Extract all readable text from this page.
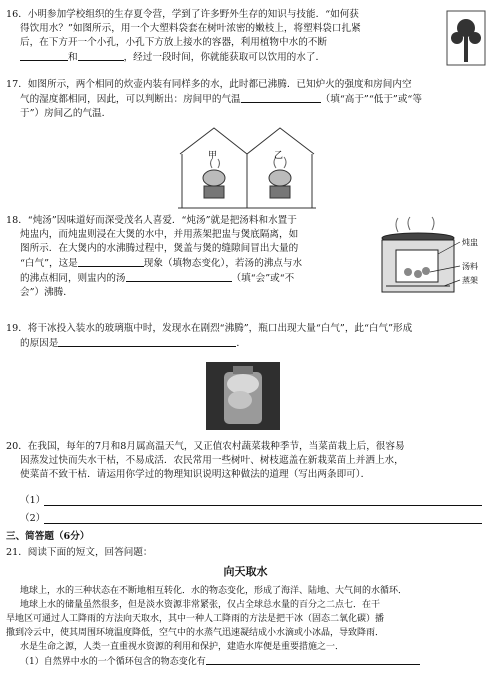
16．小明参加学校组织的生存夏令营，学到了许多野外生存的知识与技能．“如何获
得饮用水？”如图所示，用一个大塑料袋套在树叶浓密的嫩枝上，将塑料袋口扎紧
后，在下方开一个小孔，小孔下方放上接水的容器，利用植物中水的不断
和	，经过一段时间，你就能获取可以饮用的水了．
17．如图所示，两个相同的炊壶内装有同样多的水，此时都已沸腾．已知炉火的强度和房间内空
气的湿度都相同，因此，可以判断出：房间甲的气温	（填“高于”“低于”或“等
于”）房间乙的气温．
甲	乙
18．“炖汤”因味道好而深受茂名人喜爱．“炖汤”就是把汤料和水置于
炖盅内，而炖盅则浸在大煲的水中，并用蒸架把盅与煲底隔离，如
图所示．在大煲内的水沸腾过程中，煲盖与煲的缝隙间冒出大量的
“白气”，这是	现象（填物态变化），若汤的沸点与水
的沸点相同，则盅内的汤	（填“会”或“不
会”）沸腾．
炖盅
汤料
蒸架
19．将干冰投入装水的玻璃瓶中时，发现水在剧烈“沸腾”，瓶口出现大量“白气”，此“白气”形成
的原因是	．
20．在我国，每年的7月和8月属高温天气，又正值农村蔬菜栽种季节，当菜苗栽上后，很容易
因蒸发过快而失水干枯，不易成活．农民常用一些树叶、树枝遮盖在新栽菜苗上并洒上水，
使菜苗不致干枯．请运用你学过的物理知识说明这种做法的道理（写出两条即可）．
（1）
（2）
三、简答题（6分）
21．阅读下面的短文，回答问题：
向天取水
地球上，水的三种状态在不断地相互转化．水的物态变化，形成了海洋、陆地、大气间的水循环．
地球上水的储量虽然很多，但是淡水资源非常紧张，仅占全球总水量的百分之二点七．在干
旱地区可通过人工降雨的方法向天取水，其中一种人工降雨的方法是把干冰（固态二氧化碳）播
撒到冷云中，使其周围环境温度降低，空气中的水蒸气迅速凝结成小水滴或小冰晶，导致降雨．
水是生命之源，人类一直重视水资源的利用和保护，建造水库便是重要措施之一．
（1）自然界中水的一个循环包含的物态变化有
